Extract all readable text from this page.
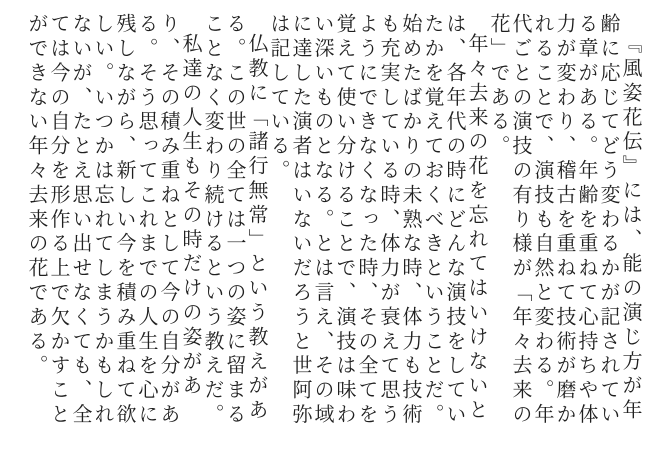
『風姿花伝』には、能の演じ方が年齢に応じてどう変わるかが記されている章がある。年齢を重ねて心持ちや体力が変わり、稽古を重ねて技術が磨かれることで、演技も自然と変わる。年代ごとの演技の有り様が「年々去来の花」である。

年々去来の花を忘れてはいけないとは、各年代の時にどんな演技をしていたかを覚えておくべきということだ。始めたばかりの未熟な時、体力も技術も充実している時、体力が衰えて思うようにできなくなった時、その全てを覚えて使い分けることで、演技は味わい深いものとなる。とは言え、その域に達した演者はいないだろうと世阿弥は記している。

仏教に「諸行無常」という教えがある。この世の全ては一つの姿に留まることなく変わり続けるという教えだ。

私達の人生もその時だけの姿があり、その積み重ねとして今の自分がある。そう思ってこれまでの人生を心に残しながら、新しい今を積み重ねて欲しい。いつかは忘れてしまうかもしれないが、たとえ思い出せなくても、全ては今の自分を形作る上で欠かすことができない年々去来の花である。
